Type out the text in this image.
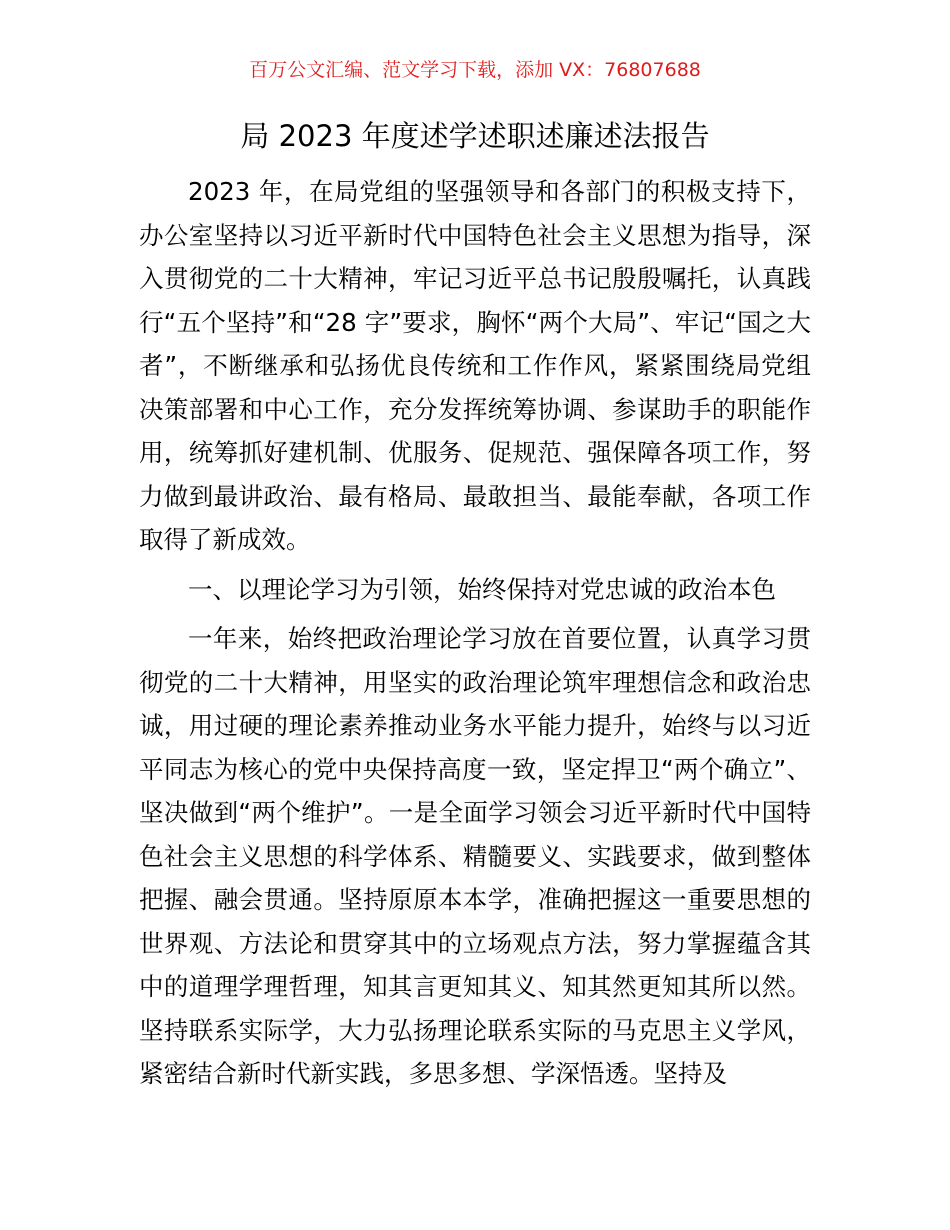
百万公文汇编、范文学习下载，添加 VX：76807688
局 2023 年度述学述职述廉述法报告

2023 年，在局党组的坚强领导和各部门的积极支持下，办公室坚持以习近平新时代中国特色社会主义思想为指导，深入贯彻党的二十大精神，牢记习近平总书记殷殷嘱托，认真践行“五个坚持”和“28 字”要求，胸怀“两个大局”、牢记“国之大者”，不断继承和弘扬优良传统和工作作风，紧紧围绕局党组决策部署和中心工作，充分发挥统筹协调、参谋助手的职能作用，统筹抓好建机制、优服务、促规范、强保障各项工作，努力做到最讲政治、最有格局、最敢担当、最能奉献，各项工作取得了新成效。

一、以理论学习为引领，始终保持对党忠诚的政治本色

一年来，始终把政治理论学习放在首要位置，认真学习贯彻党的二十大精神，用坚实的政治理论筑牢理想信念和政治忠诚，用过硬的理论素养推动业务水平能力提升，始终与以习近平同志为核心的党中央保持高度一致，坚定捍卫“两个确立”、坚决做到“两个维护”。一是全面学习领会习近平新时代中国特色社会主义思想的科学体系、精髓要义、实践要求，做到整体把握、融会贯通。坚持原原本本学，准确把握这一重要思想的世界观、方法论和贯穿其中的立场观点方法，努力掌握蕴含其中的道理学理哲理，知其言更知其义、知其然更知其所以然。坚持联系实际学，大力弘扬理论联系实际的马克思主义学风，紧密结合新时代新实践，多思多想、学深悟透。坚持及
